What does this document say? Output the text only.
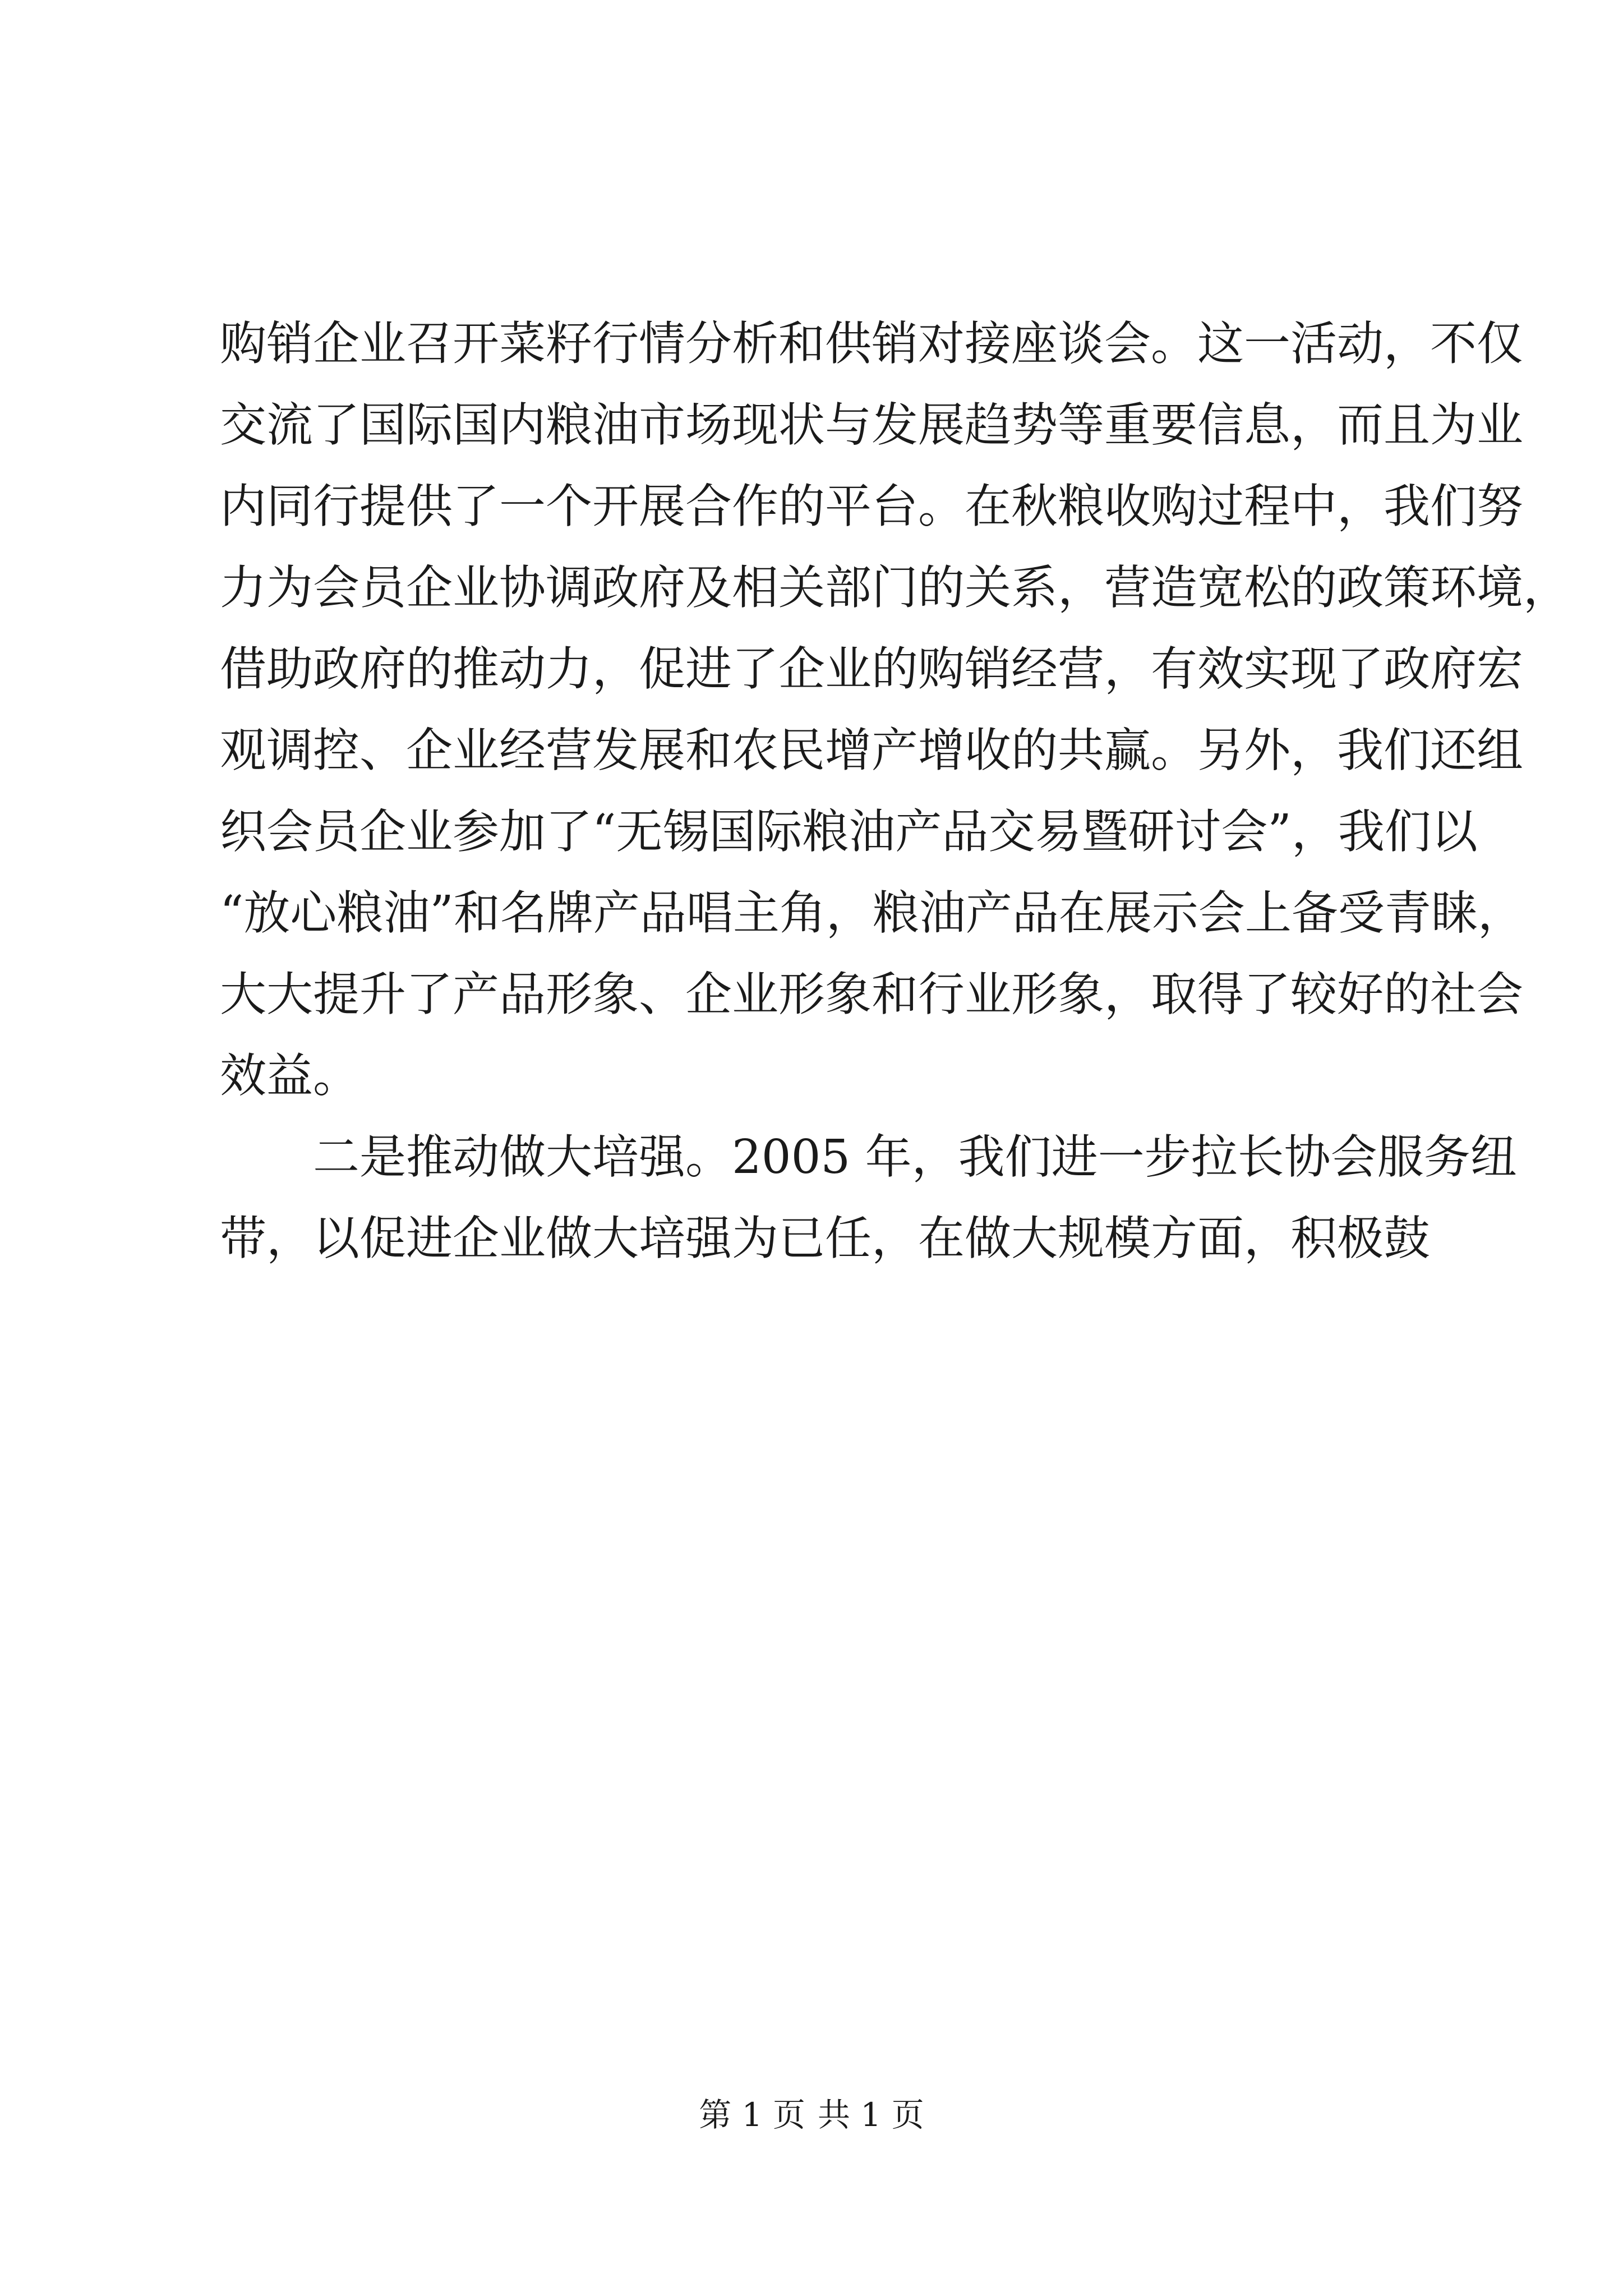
购销企业召开菜籽行情分析和供销对接座谈会。这一活动，不仅
交流了国际国内粮油市场现状与发展趋势等重要信息，而且为业
内同行提供了一个开展合作的平台。在秋粮收购过程中，我们努
力为会员企业协调政府及相关部门的关系，营造宽松的政策环境，
借助政府的推动力，促进了企业的购销经营，有效实现了政府宏
观调控、企业经营发展和农民增产增收的共赢。另外，我们还组
织会员企业参加了“无锡国际粮油产品交易暨研讨会”，我们以
“放心粮油”和名牌产品唱主角，粮油产品在展示会上备受青睐，
大大提升了产品形象、企业形象和行业形象，取得了较好的社会
效益。
二是推动做大培强。2005 年，我们进一步拉长协会服务纽
带，以促进企业做大培强为已任，在做大规模方面，积极鼓
第 1 页 共 1 页
